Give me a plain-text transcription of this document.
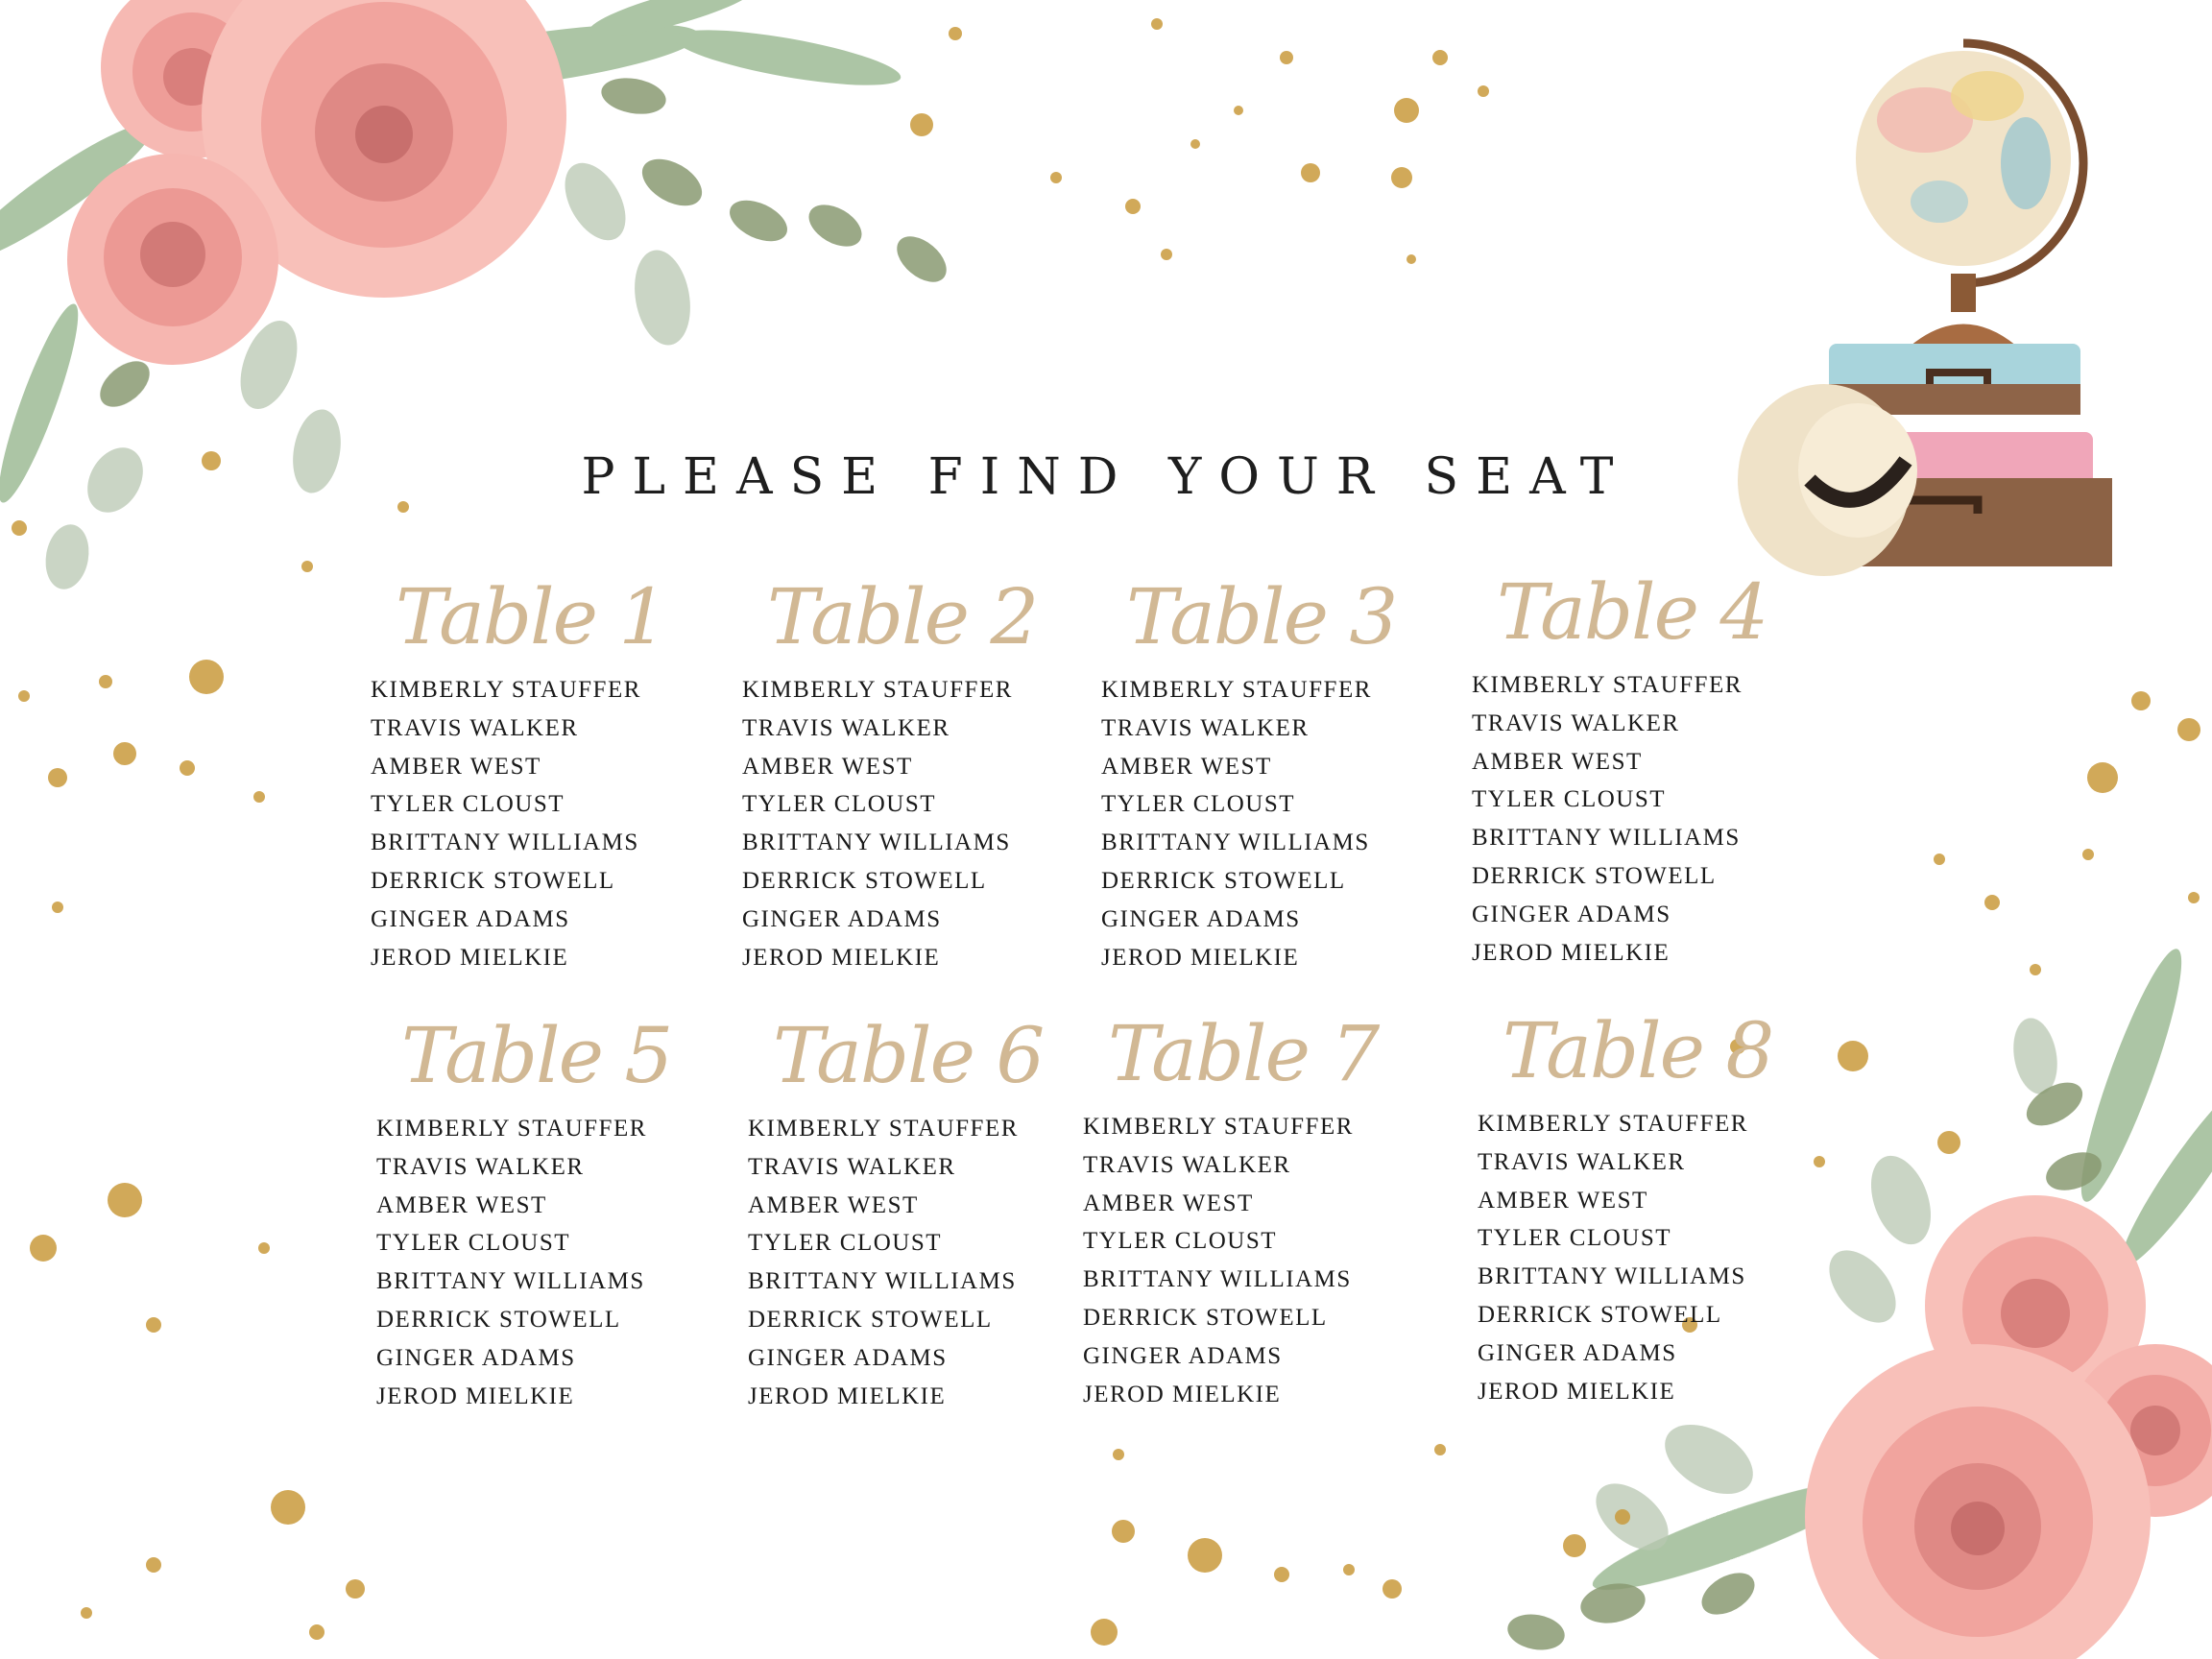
PLEASE FIND YOUR SEAT
Table 1
KIMBERLY STAUFFER
TRAVIS WALKER
AMBER WEST
TYLER CLOUST
BRITTANY WILLIAMS
DERRICK STOWELL
GINGER ADAMS
JEROD MIELKIE
Table 2
KIMBERLY STAUFFER
TRAVIS WALKER
AMBER WEST
TYLER CLOUST
BRITTANY WILLIAMS
DERRICK STOWELL
GINGER ADAMS
JEROD MIELKIE
Table 3
KIMBERLY STAUFFER
TRAVIS WALKER
AMBER WEST
TYLER CLOUST
BRITTANY WILLIAMS
DERRICK STOWELL
GINGER ADAMS
JEROD MIELKIE
Table 4
KIMBERLY STAUFFER
TRAVIS WALKER
AMBER WEST
TYLER CLOUST
BRITTANY WILLIAMS
DERRICK STOWELL
GINGER ADAMS
JEROD MIELKIE
Table 5
KIMBERLY STAUFFER
TRAVIS WALKER
AMBER WEST
TYLER CLOUST
BRITTANY WILLIAMS
DERRICK STOWELL
GINGER ADAMS
JEROD MIELKIE
Table 6
KIMBERLY STAUFFER
TRAVIS WALKER
AMBER WEST
TYLER CLOUST
BRITTANY WILLIAMS
DERRICK STOWELL
GINGER ADAMS
JEROD MIELKIE
Table 7
KIMBERLY STAUFFER
TRAVIS WALKER
AMBER WEST
TYLER CLOUST
BRITTANY WILLIAMS
DERRICK STOWELL
GINGER ADAMS
JEROD MIELKIE
Table 8
KIMBERLY STAUFFER
TRAVIS WALKER
AMBER WEST
TYLER CLOUST
BRITTANY WILLIAMS
DERRICK STOWELL
GINGER ADAMS
JEROD MIELKIE
